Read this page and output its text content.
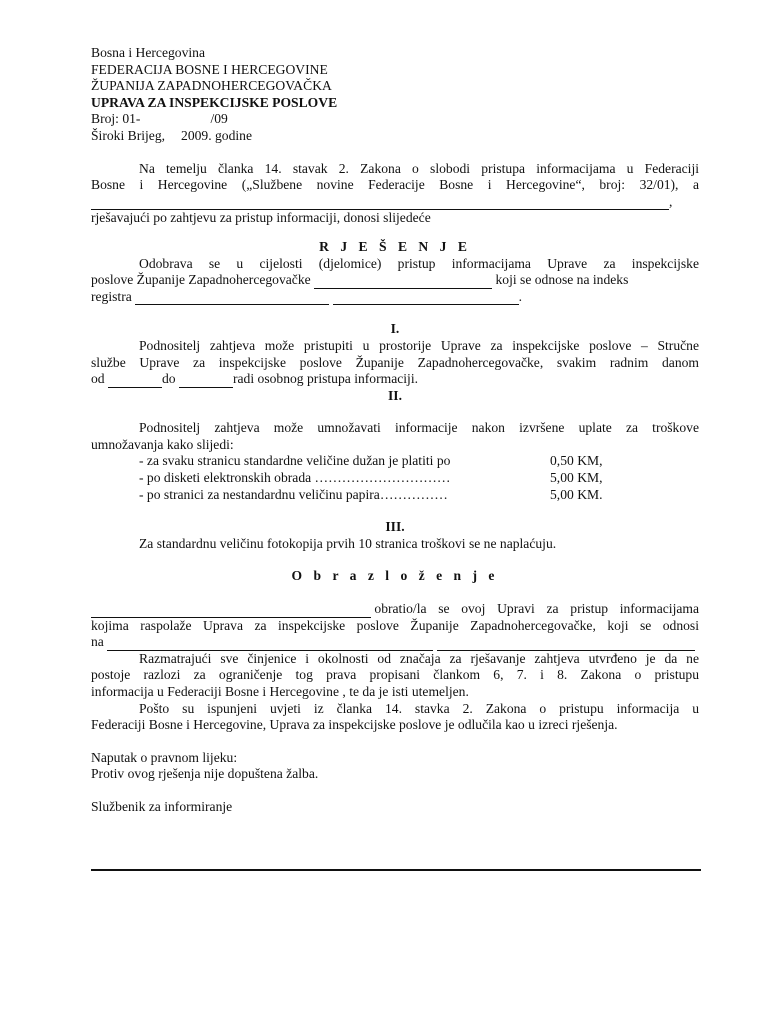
Bosna i Hercegovina
FEDERACIJA BOSNE I HERCEGOVINE
ŽUPANIJA ZAPADNOHERCEGOVAČKA
UPRAVA ZA INSPEKCIJSKE POSLOVE
Broj: 01-	/09
Široki Brijeg, 2009. godine
Na temelju članka 14. stavak 2. Zakona o slobodi pristupa informacijama u Federaciji
Bosne i Hercegovine („Službene novine Federacije Bosne i Hercegovine“, broj: 32/01), a
,
rješavajući po zahtjevu za pristup informaciji, donosi slijedeće
R J E Š E N J E
Odobrava se u cijelosti (djelomice) pristup informacijama Uprave za inspekcijske
poslove Županije Zapadnohercegovačke

	koji se odnose na indeks
registra

	.
I.
Podnositelj zahtjeva može pristupiti u prostorije Uprave za inspekcijske poslove – Stručne
službe Uprave za inspekcijske poslove Županije Zapadnohercegovačke, svakim radnim danom
od
	do
	radi osobnog pristupa informaciji.
II.
Podnositelj zahtjeva može umnožavati informacije nakon izvršene uplate za troškove
umnožavanja kako slijedi:
- za svaku stranicu standardne veličine dužan je platiti po	0,50 KM,
- po disketi elektronskih obrada …………………………	5,00 KM,
- po stranici za nestandardnu veličinu papira……………	5,00 KM.
III.
Za standardnu veličinu fotokopija prvih 10 stranica troškovi se ne naplaćuju.
O b r a z l o ž e n j e

obratio/la se ovoj Upravi za pristup informacijama
kojima raspolaže Uprava za inspekcijske poslove Županije Zapadnohercegovačke, koji se odnosi
na

Razmatrajući sve činjenice i okolnosti od značaja za rješavanje zahtjeva utvrđeno je da ne
postoje razlozi za ograničenje tog prava propisani člankom 6, 7. i 8. Zakona o pristupu
informacija u Federaciji Bosne i Hercegovine , te da je isti utemeljen.
Pošto su ispunjeni uvjeti iz članka 14. stavka 2. Zakona o pristupu informacija u
Federaciji Bosne i Hercegovine, Uprava za inspekcijske poslove je odlučila kao u izreci rješenja.
Naputak o pravnom lijeku:
Protiv ovog rješenja nije dopuštena žalba.
Službenik za informiranje
